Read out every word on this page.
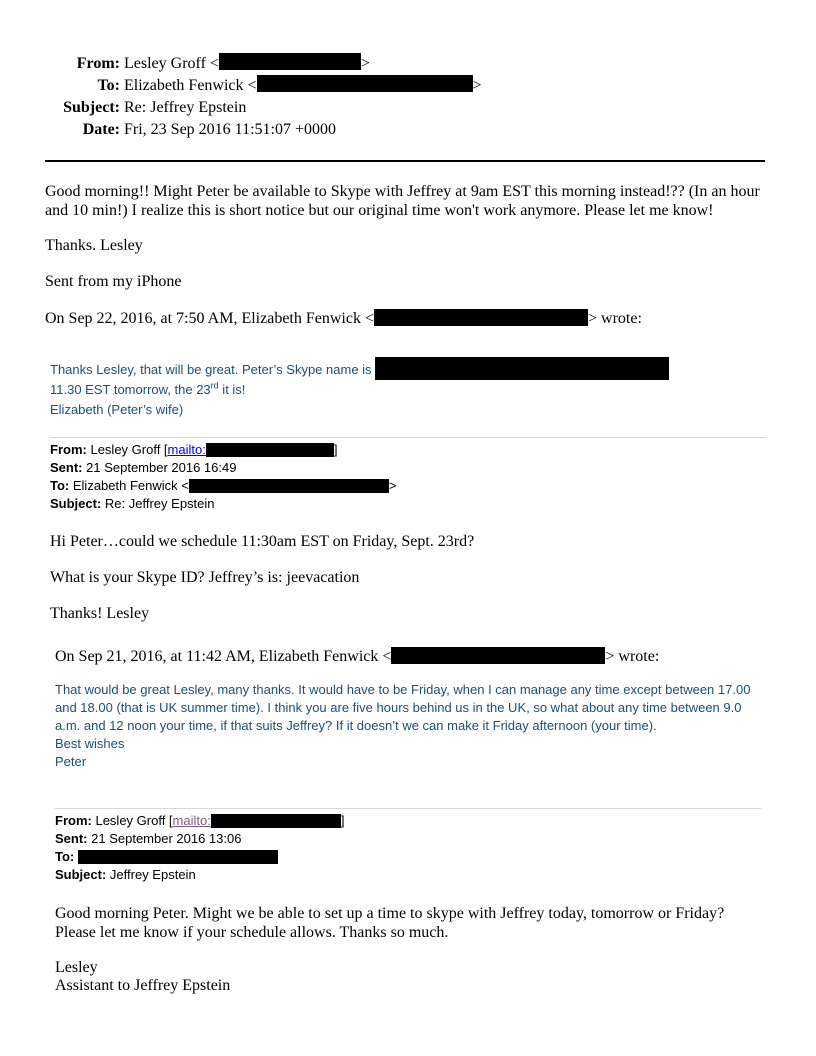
From: Lesley Groff <	>
To: Elizabeth Fenwick <	>
Subject: Re: Jeffrey Epstein
Date: Fri, 23 Sep 2016 11:51:07 +0000
Good morning!! Might Peter be available to Skype with Jeffrey at 9am EST this morning instead!?? (In an hour and 10 min!) I realize this is short notice but our original time won't work anymore. Please let me know!
Thanks. Lesley
Sent from my iPhone
On Sep 22, 2016, at 7:50 AM, Elizabeth Fenwick <	> wrote:
Thanks Lesley, that will be great. Peter’s Skype name is
11.30 EST tomorrow, the 23rd it is!
Elizabeth (Peter’s wife)
From: Lesley Groff [mailto:	]
Sent: 21 September 2016 16:49
To: Elizabeth Fenwick <	>
Subject: Re: Jeffrey Epstein
Hi Peter…could we schedule 11:30am EST on Friday, Sept. 23rd?
What is your Skype ID? Jeffrey’s is: jeevacation
Thanks! Lesley
On Sep 21, 2016, at 11:42 AM, Elizabeth Fenwick <	> wrote:
That would be great Lesley, many thanks. It would have to be Friday, when I can manage any time except between 17.00 and 18.00 (that is UK summer time). I think you are five hours behind us in the UK, so what about any time between 9.0 a.m. and 12 noon your time, if that suits Jeffrey? If it doesn’t we can make it Friday afternoon (your time).
Best wishes
Peter
From: Lesley Groff [mailto:	]
Sent: 21 September 2016 13:06
To:
Subject: Jeffrey Epstein
Good morning Peter. Might we be able to set up a time to skype with Jeffrey today, tomorrow or Friday? Please let me know if your schedule allows. Thanks so much.
Lesley
Assistant to Jeffrey Epstein
